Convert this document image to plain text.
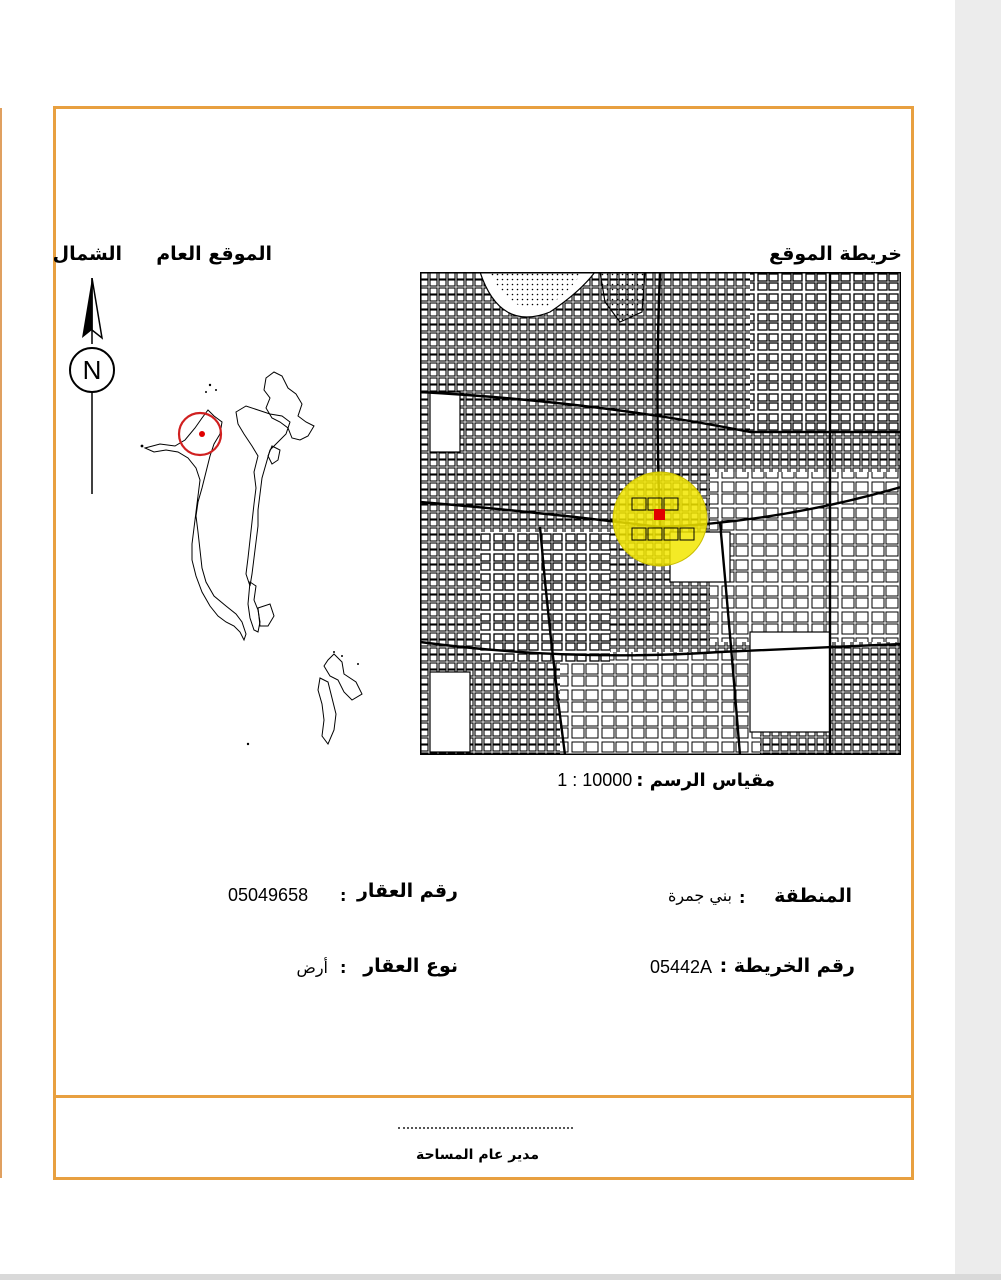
الشمال الموقع العام	خريطة الموقع
N
مقياس الرسم :1 : 10000
المنطقة
:
بني جمرة
رقم الخريطة :
05442A
رقم العقار
:
05049658
نوع العقار
:
أرض
مدير عام المساحة
